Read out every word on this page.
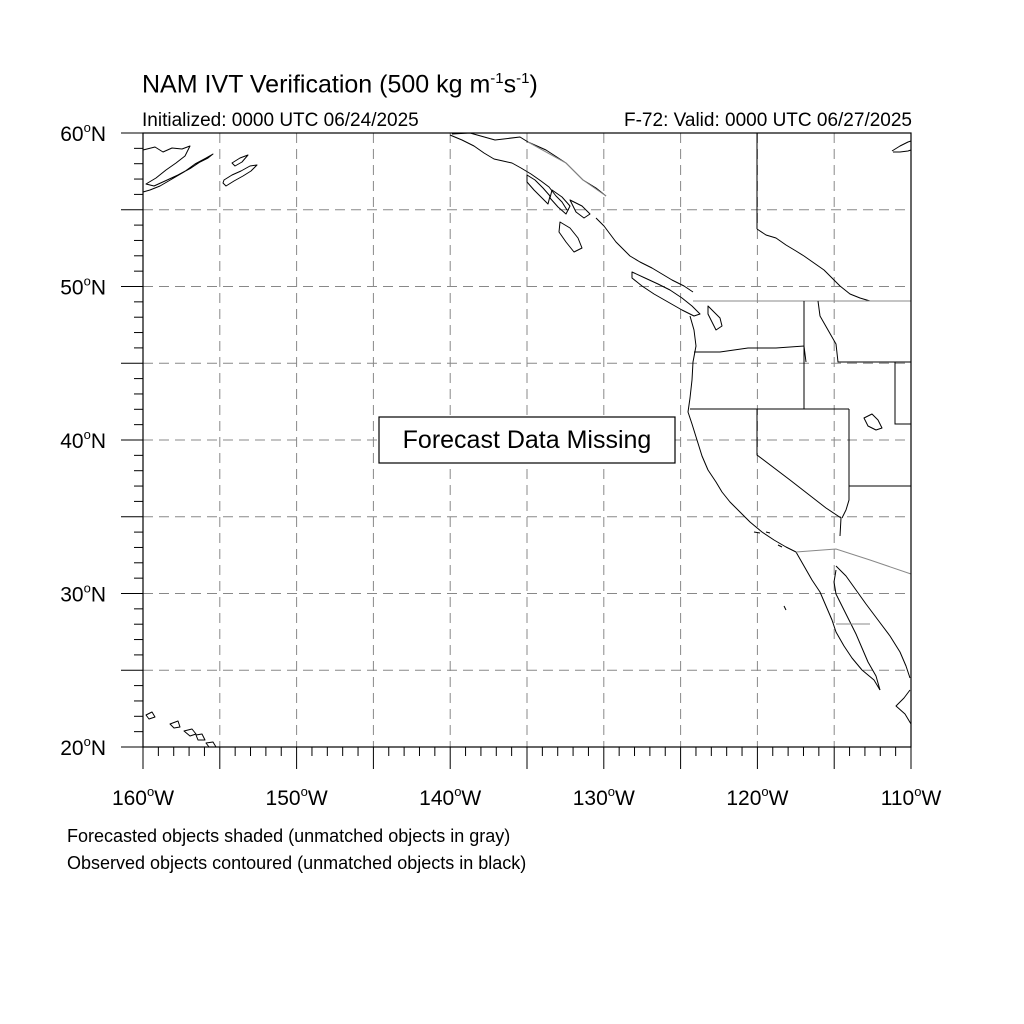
20$^o$N
30$^o$N
40$^o$N
50$^o$N
60$^o$N
160$^o$W	150$^o$W	140$^o$W	130$^o$W	120$^o$W	110$^o$W
Forecast Data Missing
NAM IVT Verification (500 kg $m^{-1}s^{-1}$)
Initialized: 0000 UTC 06/24/2025	F-72: Valid: 0000 UTC 06/27/2025
Forecasted objects shaded (unmatched objects in gray)
Observed objects contoured (unmatched objects in black)
